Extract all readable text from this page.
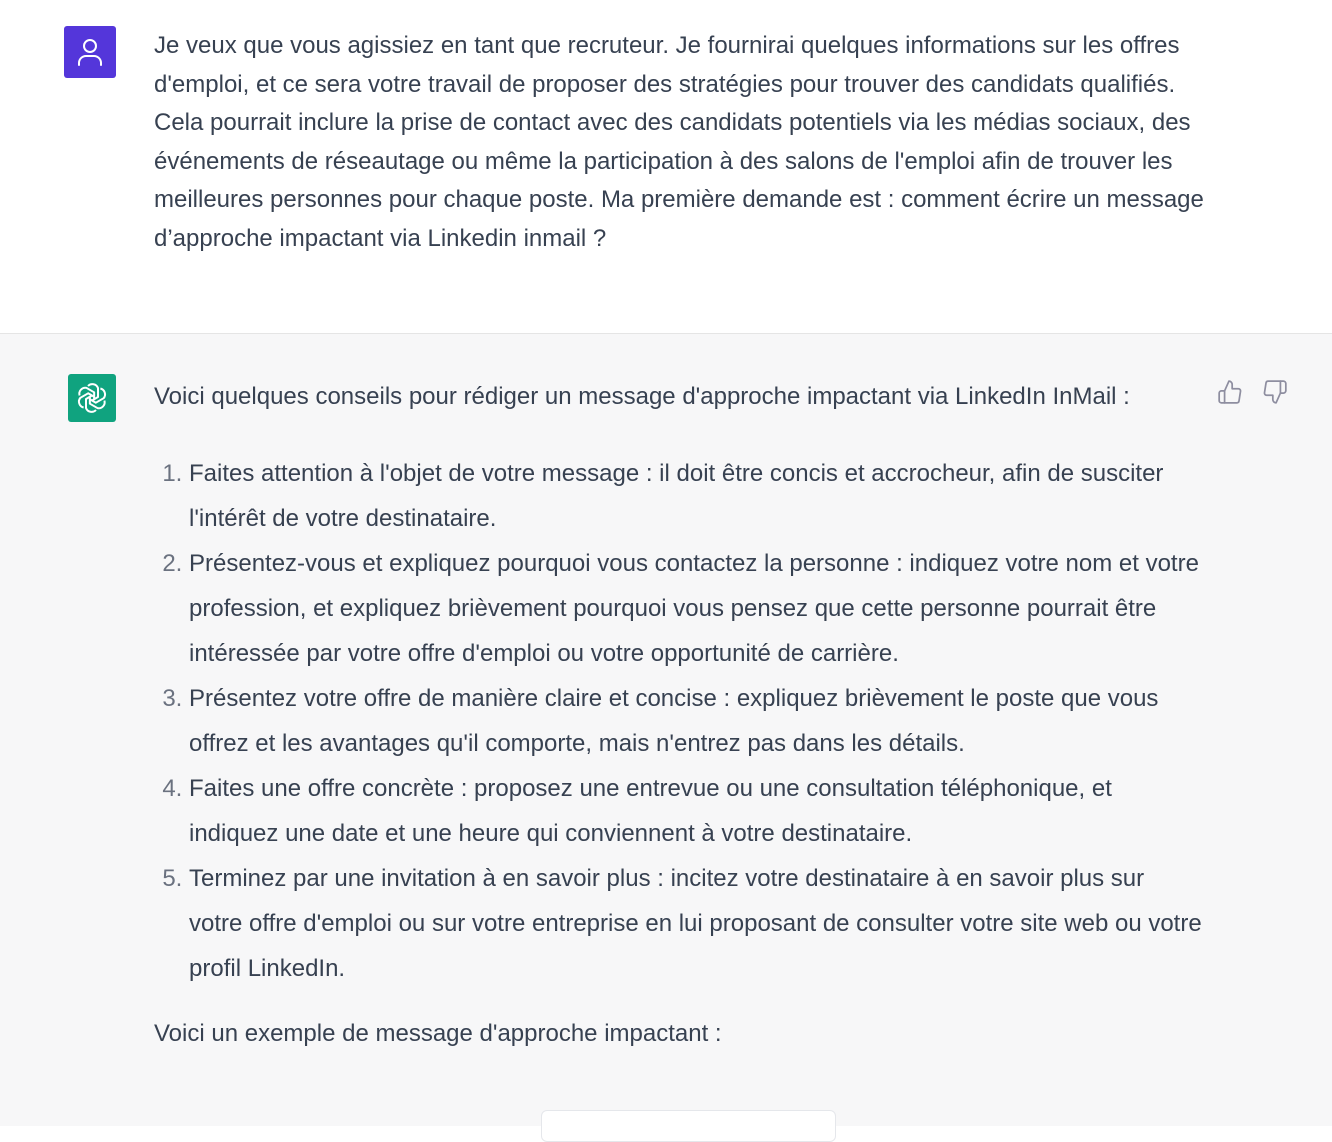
Je veux que vous agissiez en tant que recruteur. Je fournirai quelques informations sur les offres d'emploi, et ce sera votre travail de proposer des stratégies pour trouver des candidats qualifiés. Cela pourrait inclure la prise de contact avec des candidats potentiels via les médias sociaux, des événements de réseautage ou même la participation à des salons de l'emploi afin de trouver les meilleures personnes pour chaque poste. Ma première demande est : comment écrire un message d’approche impactant via Linkedin inmail ?

Voici quelques conseils pour rédiger un message d'approche impactant via LinkedIn InMail :

1. Faites attention à l'objet de votre message : il doit être concis et accrocheur, afin de susciter l'intérêt de votre destinataire.
2. Présentez-vous et expliquez pourquoi vous contactez la personne : indiquez votre nom et votre profession, et expliquez brièvement pourquoi vous pensez que cette personne pourrait être intéressée par votre offre d'emploi ou votre opportunité de carrière.
3. Présentez votre offre de manière claire et concise : expliquez brièvement le poste que vous offrez et les avantages qu'il comporte, mais n'entrez pas dans les détails.
4. Faites une offre concrète : proposez une entrevue ou une consultation téléphonique, et indiquez une date et une heure qui conviennent à votre destinataire.
5. Terminez par une invitation à en savoir plus : incitez votre destinataire à en savoir plus sur votre offre d'emploi ou sur votre entreprise en lui proposant de consulter votre site web ou votre profil LinkedIn.

Voici un exemple de message d'approche impactant :
